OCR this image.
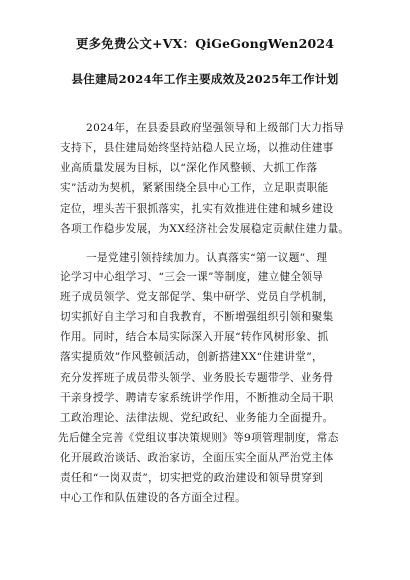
更多免费公文+VX：QiGeGongWen2024
县住建局2024年工作主要成效及2025年工作计划
2024年，在县委县政府坚强领导和上级部门大力指导
支持下，县住建局始终坚持站稳人民立场，以推动住建事
业高质量发展为目标，以“深化作风整顿、大抓工作落
实”活动为契机，紧紧围绕全县中心工作，立足职责职能
定位，埋头苦干狠抓落实，扎实有效推进住建和城乡建设
各项工作稳步发展，为XX经济社会发展稳定贡献住建力量。
一是党建引领持续加力。认真落实“第一议题”、理
论学习中心组学习、“三会一课”等制度，建立健全领导
班子成员领学、党支部促学、集中研学、党员自学机制，
切实抓好自主学习和自我教育，不断增强组织引领和聚集
作用。同时，结合本局实际深入开展“转作风树形象、抓
落实提质效”作风整顿活动，创新搭建XX“住建讲堂”，
充分发挥班子成员带头领学、业务股长专题带学、业务骨
干亲身授学、聘请专家系统讲学作用，不断推动全局干职
工政治理论、法律法规、党纪政纪、业务能力全面提升。
先后健全完善《党组议事决策规则》等9项管理制度，常态
化开展政治谈话、政治家访，全面压实全面从严治党主体
责任和“一岗双责”，切实把党的政治建设和领导贯穿到
中心工作和队伍建设的各方面全过程。
